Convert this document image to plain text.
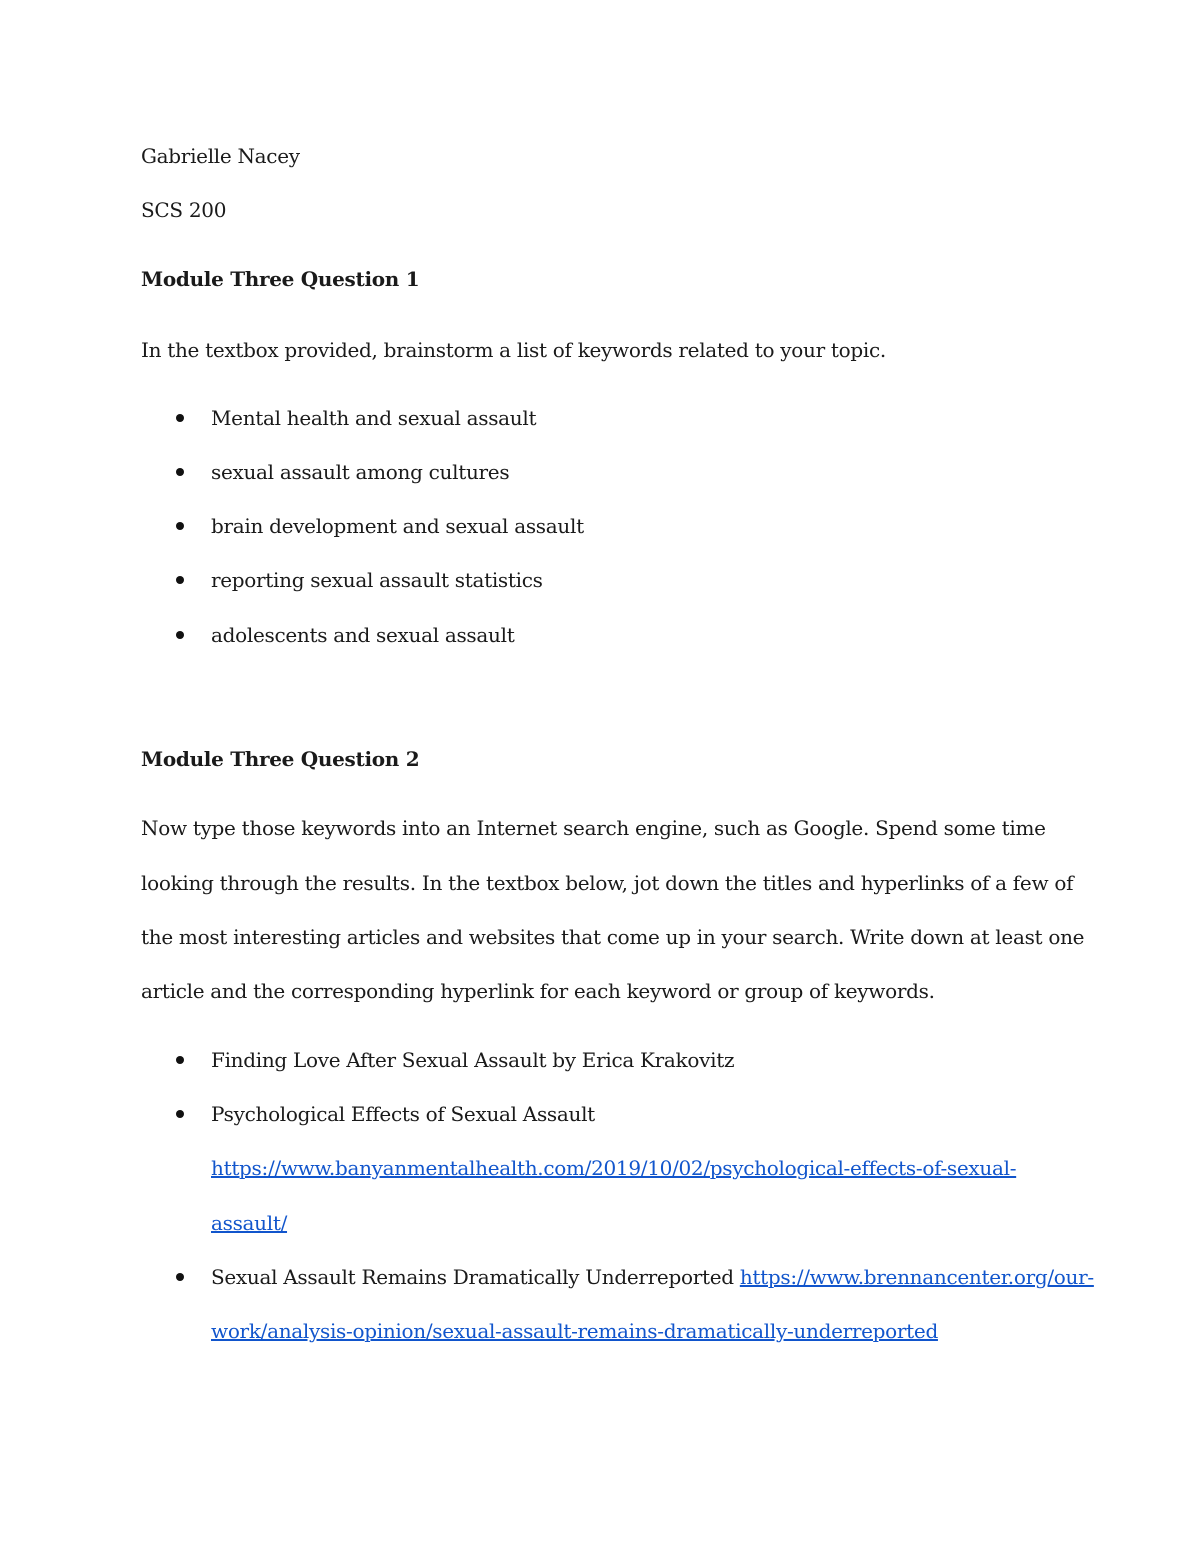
Gabrielle Nacey
SCS 200
Module Three Question 1
In the textbox provided, brainstorm a list of keywords related to your topic.
Mental health and sexual assault
sexual assault among cultures
brain development and sexual assault
reporting sexual assault statistics
adolescents and sexual assault
Module Three Question 2
Now type those keywords into an Internet search engine, such as Google. Spend some time
looking through the results. In the textbox below, jot down the titles and hyperlinks of a few of
the most interesting articles and websites that come up in your search. Write down at least one
article and the corresponding hyperlink for each keyword or group of keywords.
Finding Love After Sexual Assault by Erica Krakovitz
Psychological Effects of Sexual Assault
https://www.banyanmentalhealth.com/2019/10/02/psychological-effects-of-sexual-
assault/
Sexual Assault Remains Dramatically Underreported https://www.brennancenter.org/our-
work/analysis-opinion/sexual-assault-remains-dramatically-underreported
